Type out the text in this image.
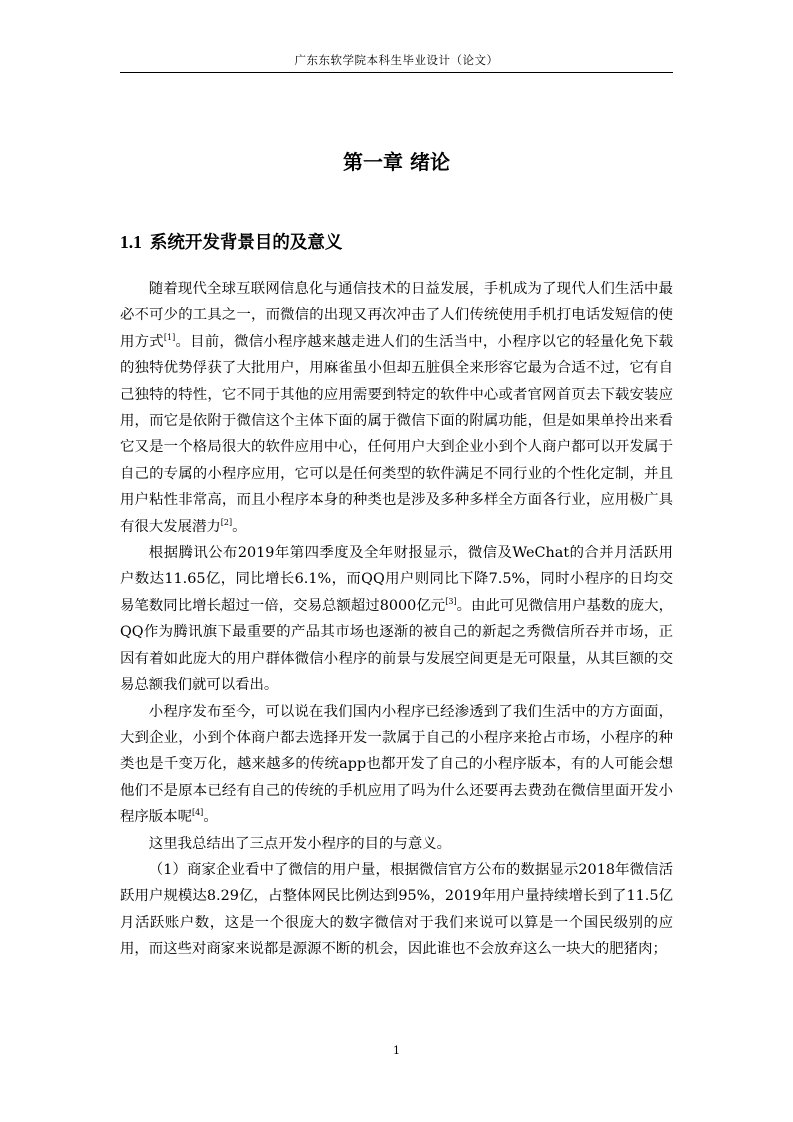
广东东软学院本科生毕业设计（论文）
第一章 绪论
1.1 系统开发背景目的及意义

随着现代全球互联网信息化与通信技术的日益发展，手机成为了现代人们生活中最必不可少的工具之一，而微信的出现又再次冲击了人们传统使用手机打电话发短信的使用方式[1]。目前，微信小程序越来越走进人们的生活当中，小程序以它的轻量化免下载的独特优势俘获了大批用户，用麻雀虽小但却五脏俱全来形容它最为合适不过，它有自己独特的特性，它不同于其他的应用需要到特定的软件中心或者官网首页去下载安装应用，而它是依附于微信这个主体下面的属于微信下面的附属功能，但是如果单拎出来看它又是一个格局很大的软件应用中心，任何用户大到企业小到个人商户都可以开发属于自己的专属的小程序应用，它可以是任何类型的软件满足不同行业的个性化定制，并且用户粘性非常高，而且小程序本身的种类也是涉及多种多样全方面各行业，应用极广具有很大发展潜力[2]。

根据腾讯公布2019年第四季度及全年财报显示，微信及WeChat的合并月活跃用户数达11.65亿，同比增长6.1%，而QQ用户则同比下降7.5%，同时小程序的日均交易笔数同比增长超过一倍，交易总额超过8000亿元[3]。由此可见微信用户基数的庞大，QQ作为腾讯旗下最重要的产品其市场也逐渐的被自己的新起之秀微信所吞并市场，正因有着如此庞大的用户群体微信小程序的前景与发展空间更是无可限量，从其巨额的交易总额我们就可以看出。

小程序发布至今，可以说在我们国内小程序已经渗透到了我们生活中的方方面面，大到企业，小到个体商户都去选择开发一款属于自己的小程序来抢占市场，小程序的种类也是千变万化，越来越多的传统app也都开发了自己的小程序版本，有的人可能会想他们不是原本已经有自己的传统的手机应用了吗为什么还要再去费劲在微信里面开发小程序版本呢[4]。

这里我总结出了三点开发小程序的目的与意义。

（1）商家企业看中了微信的用户量，根据微信官方公布的数据显示2018年微信活跃用户规模达8.29亿，占整体网民比例达到95%，2019年用户量持续增长到了11.5亿月活跃账户数，这是一个很庞大的数字微信对于我们来说可以算是一个国民级别的应用，而这些对商家来说都是源源不断的机会，因此谁也不会放弃这么一块大的肥猪肉；

1
